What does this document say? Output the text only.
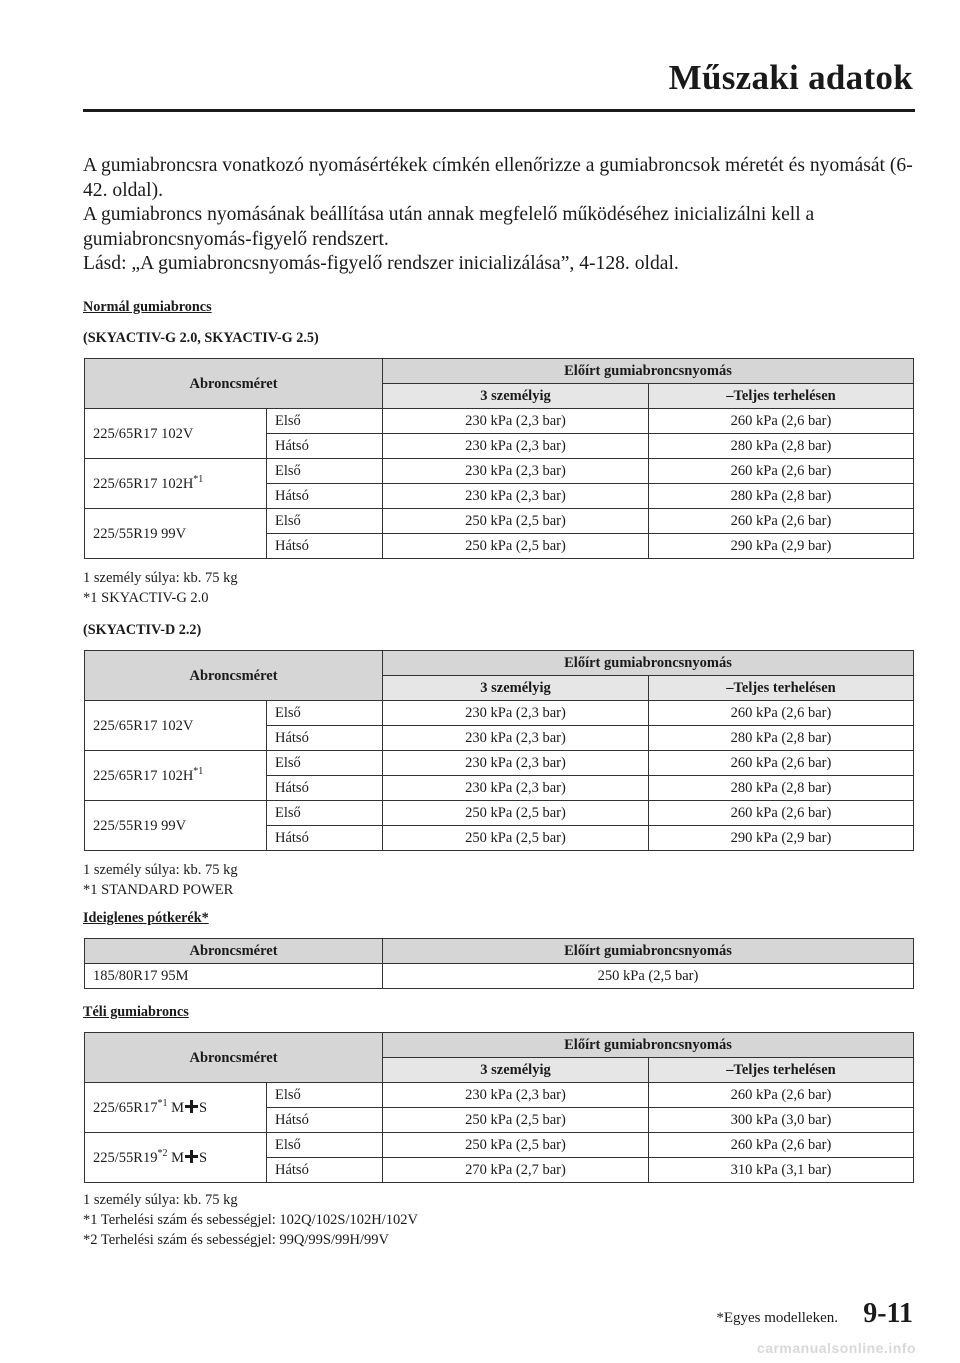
Műszaki adatok

A gumiabroncsra vonatkozó nyomásértékek címkén ellenőrizze a gumiabroncsok méretét és nyomását (6-42. oldal).

A gumiabroncs nyomásának beállítása után annak megfelelő működéséhez inicializálni kell a gumiabroncsnyomás-figyelő rendszert.

Lásd: „A gumiabroncsnyomás-figyelő rendszer inicializálása”, 4-128. oldal.

Normál gumiabroncs
(SKYACTIV-G 2.0, SKYACTIV-G 2.5)
Abroncsméret		Előírt gumiabroncsnyomás	
		3 személyig	–Teljes terhelésen
225/65R17 102V	Első	230 kPa (2,3 bar)	260 kPa (2,6 bar)
	Hátsó	230 kPa (2,3 bar)	280 kPa (2,8 bar)
225/65R17 $102H^{*1}$	Első	230 kPa (2,3 bar)	260 kPa (2,6 bar)
	Hátsó	230 kPa (2,3 bar)	280 kPa (2,8 bar)
225/55R19 99V	Első	250 kPa (2,5 bar)	260 kPa (2,6 bar)
	Hátsó	250 kPa (2,5 bar)	290 kPa (2,9 bar)
1 személy súlya: kb. 75 kg
*1 SKYACTIV-G 2.0
(SKYACTIV-D 2.2)
Abroncsméret		Előírt gumiabroncsnyomás	
		3 személyig	–Teljes terhelésen
225/65R17 102V	Első	230 kPa (2,3 bar)	260 kPa (2,6 bar)
	Hátsó	230 kPa (2,3 bar)	280 kPa (2,8 bar)
225/65R17 $102H^{*1}$	Első	230 kPa (2,3 bar)	260 kPa (2,6 bar)
	Hátsó	230 kPa (2,3 bar)	280 kPa (2,8 bar)
225/55R19 99V	Első	250 kPa (2,5 bar)	260 kPa (2,6 bar)
	Hátsó	250 kPa (2,5 bar)	290 kPa (2,9 bar)
1 személy súlya: kb. 75 kg
*1 STANDARD POWER
Ideiglenes pótkerék*
Abroncsméret	Előírt gumiabroncsnyomás
185/80R17 95M	250 kPa (2,5 bar)
Téli gumiabroncs
Abroncsméret		Előírt gumiabroncsnyomás	
		3 személyig	–Teljes terhelésen
225/65R17$^{*1}$ M S	Első	230 kPa (2,3 bar)	260 kPa (2,6 bar)
	Hátsó	250 kPa (2,5 bar)	300 kPa (3,0 bar)
225/55R19$^{*2}$ M S	Első	250 kPa (2,5 bar)	260 kPa (2,6 bar)
	Hátsó	270 kPa (2,7 bar)	310 kPa (3,1 bar)
1 személy súlya: kb. 75 kg
*1 Terhelési szám és sebességjel: 102Q/102S/102H/102V
*2 Terhelési szám és sebességjel: 99Q/99S/99H/99V
*Egyes modelleken. 9-11
carmanualsonline.info
